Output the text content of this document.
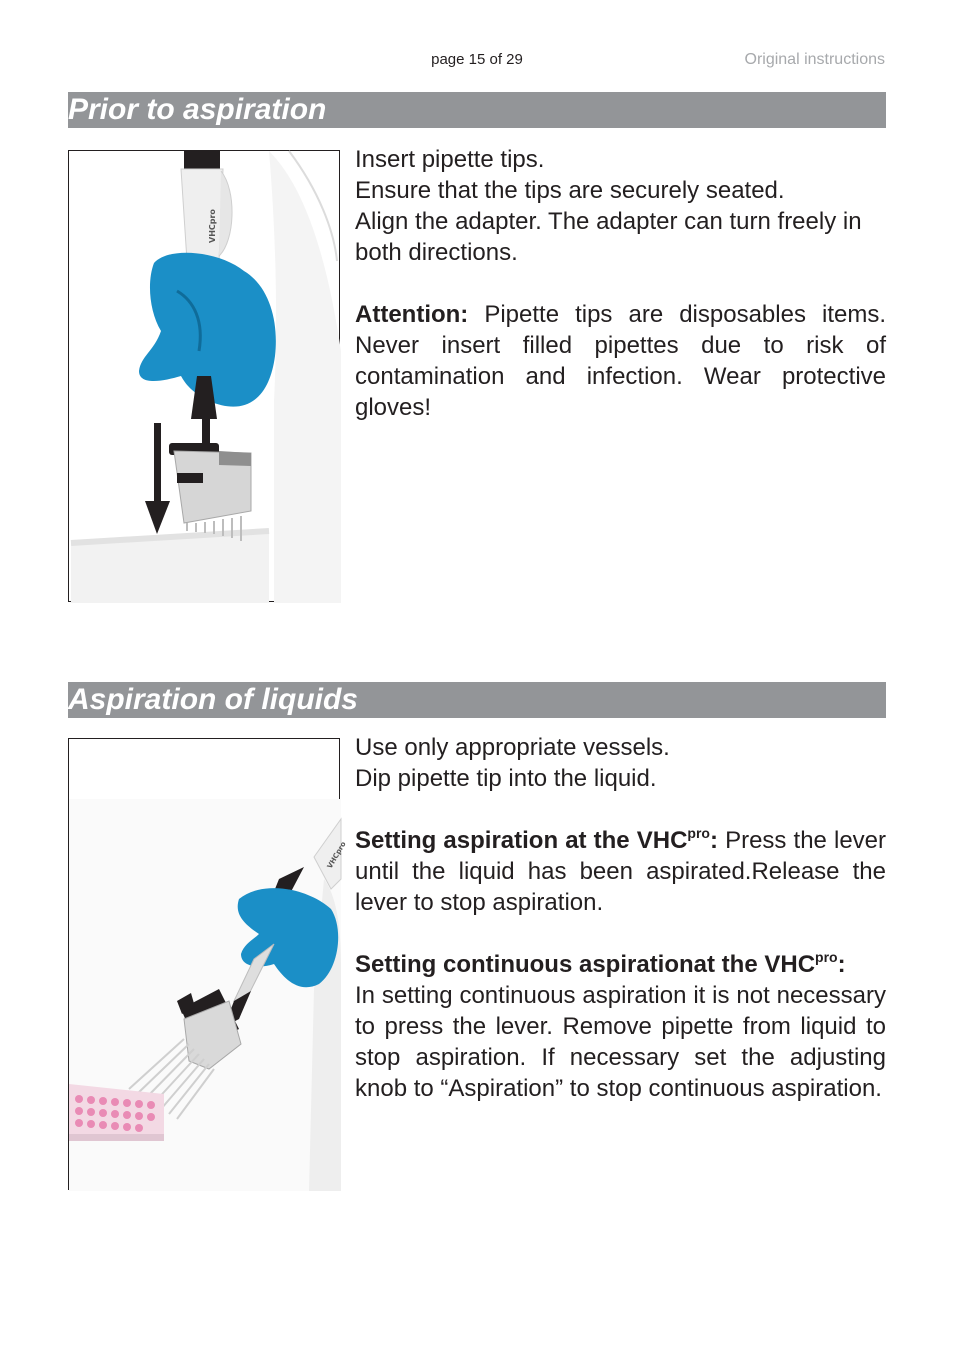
page 15 of 29	Original instructions
Prior to aspiration
VHCpro

Insert pipette tips.

Ensure that the tips are securely seated.

Align the adapter. The adapter can turn freely in both directions.

Attention: Pipette tips are disposables items. Never insert filled pipettes due to risk of contamination and infection. Wear protective gloves!

Aspiration of liquids
VHCpro

Use only appropriate vessels.

Dip pipette tip into the liquid.

Setting aspiration at the $VHC^{pro}$: Press the lever until the liquid has been aspirated.Release the lever to stop aspiration.

Setting continuous aspirationat the $VHC^{pro}$:
In setting continuous aspiration it is not necessary to press the lever. Remove pipette from liquid to stop aspiration. If necessary set the adjusting knob to “Aspiration” to stop continuous aspiration.
